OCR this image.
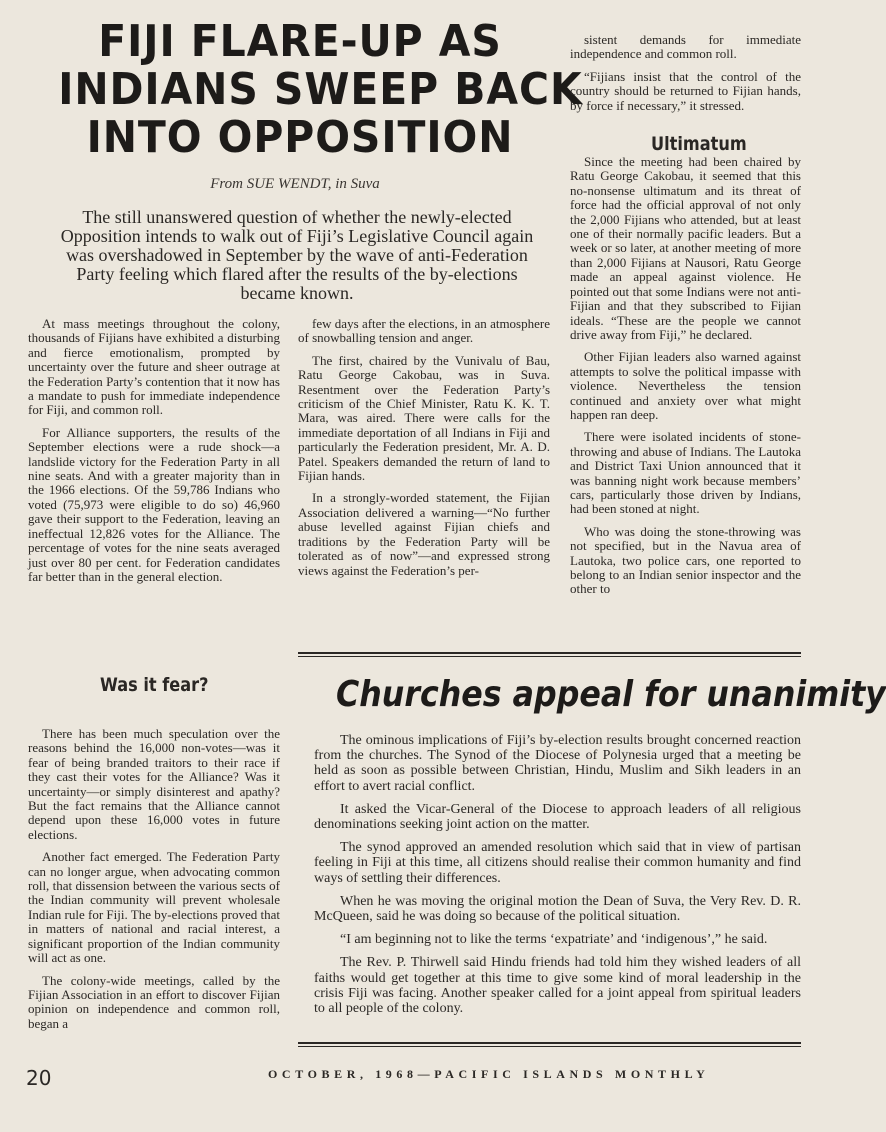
FIJI FLARE-UP AS
INDIANS SWEEP BACK
INTO OPPOSITION
From SUE WENDT, in Suva

The still unanswered question of whether the newly-elected Opposition intends to walk out of Fiji’s Legislative Council again was overshadowed in September by the wave of anti-Federation Party feeling which flared after the results of the by-elections became known.

At mass meetings throughout the colony, thousands of Fijians have exhibited a disturbing and fierce emotionalism, prompted by uncertainty over the future and sheer outrage at the Federation Party’s contention that it now has a mandate to push for immediate independence for Fiji, and common roll.

For Alliance supporters, the results of the September elections were a rude shock—a landslide victory for the Federation Party in all nine seats. And with a greater majority than in the 1966 elections. Of the 59,786 Indians who voted (75,973 were eligible to do so) 46,960 gave their support to the Federation, leaving an ineffectual 12,826 votes for the Alliance. The percentage of votes for the nine seats averaged just over 80 per cent. for Federation candidates far better than in the general election.

few days after the elections, in an atmosphere of snowballing tension and anger.

The first, chaired by the Vunivalu of Bau, Ratu George Cakobau, was in Suva. Resentment over the Federation Party’s criticism of the Chief Minister, Ratu K. K. T. Mara, was aired. There were calls for the immediate deportation of all Indians in Fiji and particularly the Federation president, Mr. A. D. Patel. Speakers demanded the return of land to Fijian hands.

In a strongly-worded statement, the Fijian Association delivered a warning—“No further abuse levelled against Fijian chiefs and traditions by the Federation Party will be tolerated as of now”—and expressed strong views against the Federation’s per-

sistent demands for immediate independence and common roll.

“Fijians insist that the control of the country should be returned to Fijian hands, by force if necessary,” it stressed.

Since the meeting had been chaired by Ratu George Cakobau, it seemed that this no-nonsense ultimatum and its threat of force had the official approval of not only the 2,000 Fijians who attended, but at least one of their normally pacific leaders. But a week or so later, at another meeting of more than 2,000 Fijians at Nausori, Ratu George made an appeal against violence. He pointed out that some Indians were not anti-Fijian and that they subscribed to Fijian ideals. “These are the people we cannot drive away from Fiji,” he declared.

Other Fijian leaders also warned against attempts to solve the political impasse with violence. Nevertheless the tension continued and anxiety over what might happen ran deep.

There were isolated incidents of stone-throwing and abuse of Indians. The Lautoka and District Taxi Union announced that it was banning night work because members’ cars, particularly those driven by Indians, had been stoned at night.

Who was doing the stone-throwing was not specified, but in the Navua area of Lautoka, two police cars, one reported to belong to an Indian senior inspector and the other to

Ultimatum
Was it fear?

There has been much speculation over the reasons behind the 16,000 non-votes—was it fear of being branded traitors to their race if they cast their votes for the Alliance? Was it uncertainty—or simply disinterest and apathy? But the fact remains that the Alliance cannot depend upon these 16,000 votes in future elections.

Another fact emerged. The Federation Party can no longer argue, when advocating common roll, that dissension between the various sects of the Indian community will prevent wholesale Indian rule for Fiji. The by-elections proved that in matters of national and racial interest, a significant proportion of the Indian community will act as one.

The colony-wide meetings, called by the Fijian Association in an effort to discover Fijian opinion on independence and common roll, began a

Churches appeal for unanimity

The ominous implications of Fiji’s by-election results brought concerned reaction from the churches. The Synod of the Diocese of Polynesia urged that a meeting be held as soon as possible between Christian, Hindu, Muslim and Sikh leaders in an effort to avert racial conflict.

It asked the Vicar-General of the Diocese to approach leaders of all religious denominations seeking joint action on the matter.

The synod approved an amended resolution which said that in view of partisan feeling in Fiji at this time, all citizens should realise their common humanity and find ways of settling their differences.

When he was moving the original motion the Dean of Suva, the Very Rev. D. R. McQueen, said he was doing so because of the political situation.

“I am beginning not to like the terms ‘expatriate’ and ‘indigenous’,” he said.

The Rev. P. Thirwell said Hindu friends had told him they wished leaders of all faiths would get together at this time to give some kind of moral leadership in the crisis Fiji was facing. Another speaker called for a joint appeal from spiritual leaders to all people of the colony.

20	OCTOBER, 1968—PACIFIC ISLANDS MONTHLY
